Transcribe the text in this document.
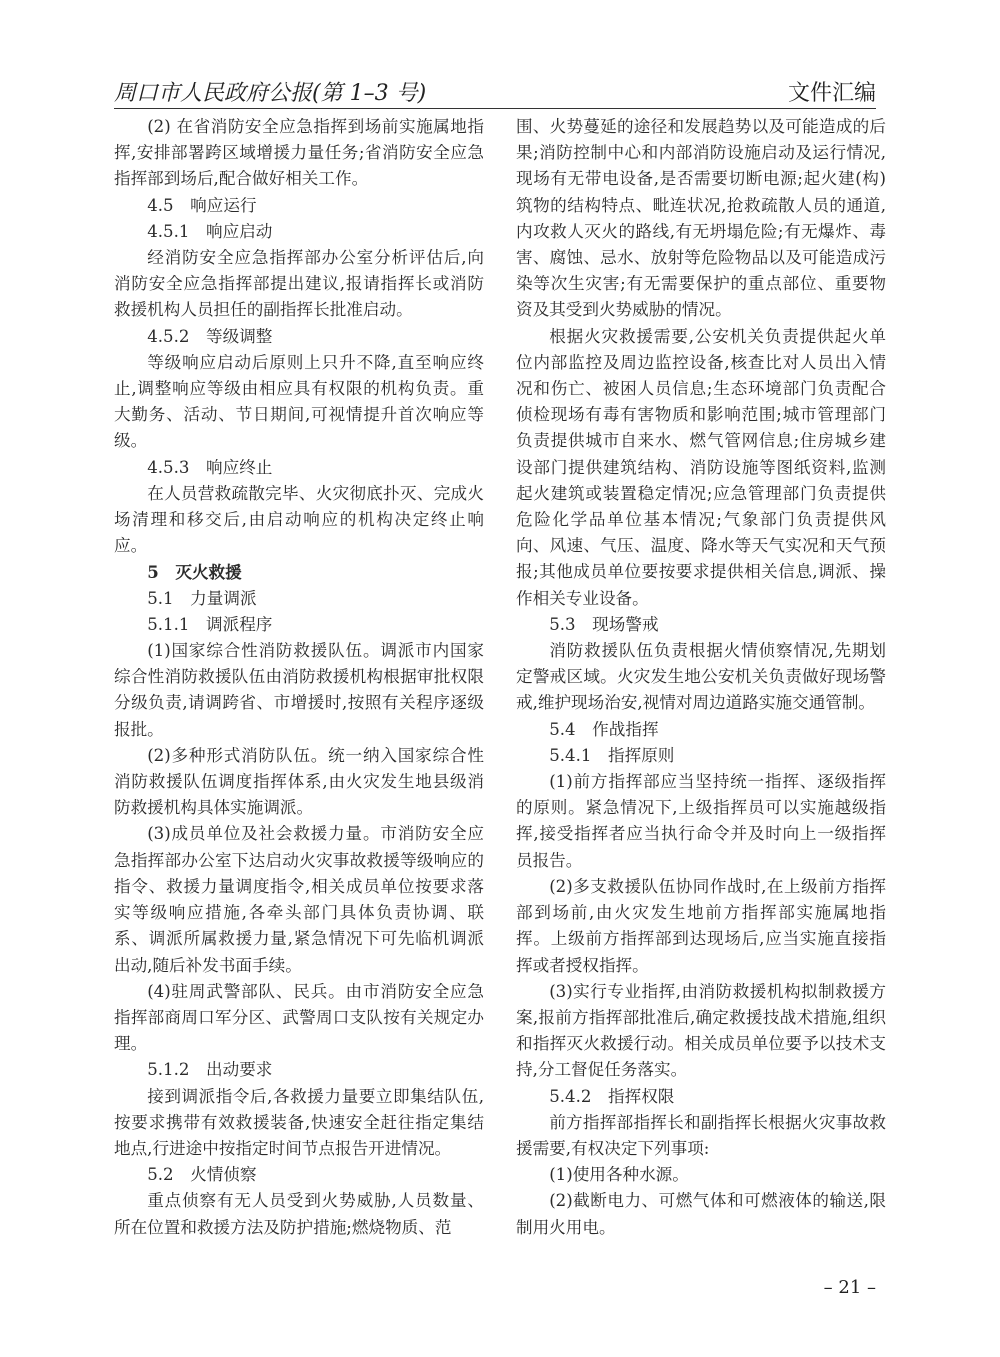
周口市人民政府公报(第 1–3 号)	文件汇编

(2) 在省消防安全应急指挥到场前实施属地指挥,安排部署跨区域增援力量任务;省消防安全应急指挥部到场后,配合做好相关工作。

4.5　响应运行

4.5.1　响应启动

经消防安全应急指挥部办公室分析评估后,向消防安全应急指挥部提出建议,报请指挥长或消防救援机构人员担任的副指挥长批准启动。

4.5.2　等级调整

等级响应启动后原则上只升不降,直至响应终止,调整响应等级由相应具有权限的机构负责。重大勤务、活动、节日期间,可视情提升首次响应等级。

4.5.3　响应终止

在人员营救疏散完毕、火灾彻底扑灭、完成火场清理和移交后,由启动响应的机构决定终止响应。

5　灭火救援

5.1　力量调派

5.1.1　调派程序

(1)国家综合性消防救援队伍。调派市内国家综合性消防救援队伍由消防救援机构根据审批权限分级负责,请调跨省、市增援时,按照有关程序逐级报批。

(2)多种形式消防队伍。统一纳入国家综合性消防救援队伍调度指挥体系,由火灾发生地县级消防救援机构具体实施调派。

(3)成员单位及社会救援力量。市消防安全应急指挥部办公室下达启动火灾事故救援等级响应的指令、救援力量调度指令,相关成员单位按要求落实等级响应措施,各牵头部门具体负责协调、联系、调派所属救援力量,紧急情况下可先临机调派出动,随后补发书面手续。

(4)驻周武警部队、民兵。由市消防安全应急指挥部商周口军分区、武警周口支队按有关规定办理。

5.1.2　出动要求

接到调派指令后,各救援力量要立即集结队伍,按要求携带有效救援装备,快速安全赶往指定集结地点,行进途中按指定时间节点报告开进情况。

5.2　火情侦察

重点侦察有无人员受到火势威胁,人员数量、所在位置和救援方法及防护措施;燃烧物质、范

围、火势蔓延的途径和发展趋势以及可能造成的后果;消防控制中心和内部消防设施启动及运行情况,现场有无带电设备,是否需要切断电源;起火建(构)筑物的结构特点、毗连状况,抢救疏散人员的通道,内攻救人灭火的路线,有无坍塌危险;有无爆炸、毒害、腐蚀、忌水、放射等危险物品以及可能造成污染等次生灾害;有无需要保护的重点部位、重要物资及其受到火势威胁的情况。

根据火灾救援需要,公安机关负责提供起火单位内部监控及周边监控设备,核查比对人员出入情况和伤亡、被困人员信息;生态环境部门负责配合侦检现场有毒有害物质和影响范围;城市管理部门负责提供城市自来水、燃气管网信息;住房城乡建设部门提供建筑结构、消防设施等图纸资料,监测起火建筑或装置稳定情况;应急管理部门负责提供危险化学品单位基本情况;气象部门负责提供风向、风速、气压、温度、降水等天气实况和天气预报;其他成员单位要按要求提供相关信息,调派、操作相关专业设备。

5.3　现场警戒

消防救援队伍负责根据火情侦察情况,先期划定警戒区域。火灾发生地公安机关负责做好现场警戒,维护现场治安,视情对周边道路实施交通管制。

5.4　作战指挥

5.4.1　指挥原则

(1)前方指挥部应当坚持统一指挥、逐级指挥的原则。紧急情况下,上级指挥员可以实施越级指挥,接受指挥者应当执行命令并及时向上一级指挥员报告。

(2)多支救援队伍协同作战时,在上级前方指挥部到场前,由火灾发生地前方指挥部实施属地指挥。上级前方指挥部到达现场后,应当实施直接指挥或者授权指挥。

(3)实行专业指挥,由消防救援机构拟制救援方案,报前方指挥部批准后,确定救援技战术措施,组织和指挥灭火救援行动。相关成员单位要予以技术支持,分工督促任务落实。

5.4.2　指挥权限

前方指挥部指挥长和副指挥长根据火灾事故救援需要,有权决定下列事项:

(1)使用各种水源。

(2)截断电力、可燃气体和可燃液体的输送,限制用火用电。

– 21 –
